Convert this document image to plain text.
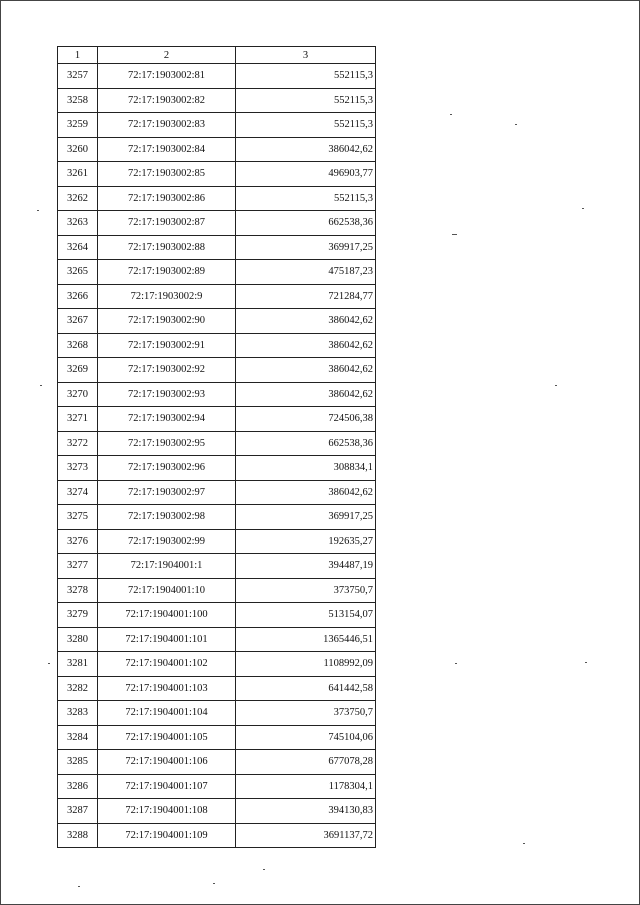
1	2	3
3257	72:17:1903002:81	552115,3
3258	72:17:1903002:82	552115,3
3259	72:17:1903002:83	552115,3
3260	72:17:1903002:84	386042,62
3261	72:17:1903002:85	496903,77
3262	72:17:1903002:86	552115,3
3263	72:17:1903002:87	662538,36
3264	72:17:1903002:88	369917,25
3265	72:17:1903002:89	475187,23
3266	72:17:1903002:9	721284,77
3267	72:17:1903002:90	386042,62
3268	72:17:1903002:91	386042,62
3269	72:17:1903002:92	386042,62
3270	72:17:1903002:93	386042,62
3271	72:17:1903002:94	724506,38
3272	72:17:1903002:95	662538,36
3273	72:17:1903002:96	308834,1
3274	72:17:1903002:97	386042,62
3275	72:17:1903002:98	369917,25
3276	72:17:1903002:99	192635,27
3277	72:17:1904001:1	394487,19
3278	72:17:1904001:10	373750,7
3279	72:17:1904001:100	513154,07
3280	72:17:1904001:101	1365446,51
3281	72:17:1904001:102	1108992,09
3282	72:17:1904001:103	641442,58
3283	72:17:1904001:104	373750,7
3284	72:17:1904001:105	745104,06
3285	72:17:1904001:106	677078,28
3286	72:17:1904001:107	1178304,1
3287	72:17:1904001:108	394130,83
3288	72:17:1904001:109	3691137,72
